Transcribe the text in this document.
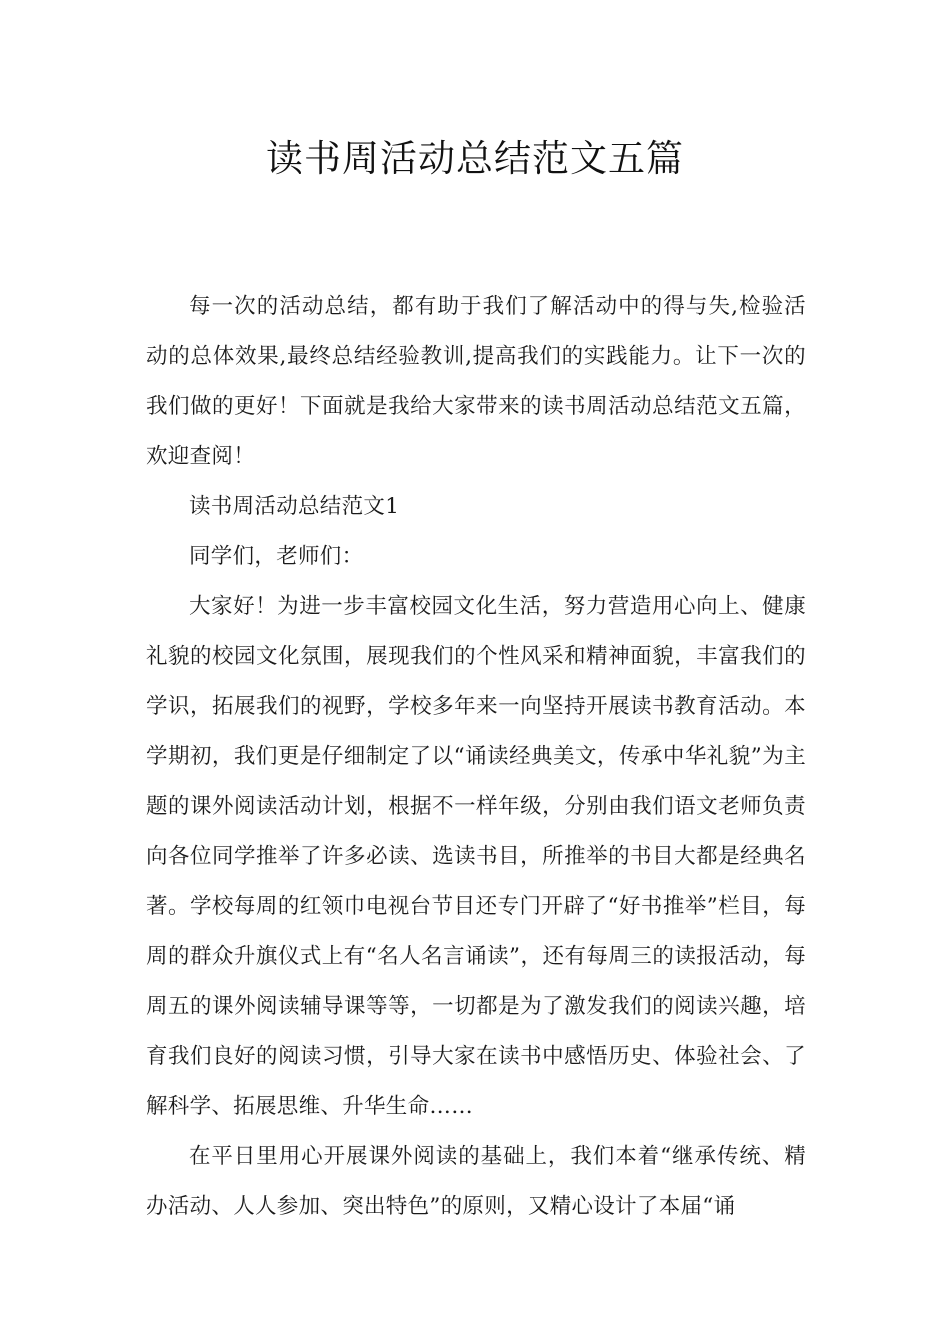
读书周活动总结范文五篇

每一次的活动总结，都有助于我们了解活动中的得与失,检验活动的总体效果,最终总结经验教训,提高我们的实践能力。让下一次的我们做的更好！下面就是我给大家带来的读书周活动总结范文五篇，欢迎查阅！

读书周活动总结范文1

同学们，老师们：

大家好！为进一步丰富校园文化生活，努力营造用心向上、健康礼貌的校园文化氛围，展现我们的个性风采和精神面貌，丰富我们的学识，拓展我们的视野，学校多年来一向坚持开展读书教育活动。本学期初，我们更是仔细制定了以“诵读经典美文，传承中华礼貌”为主题的课外阅读活动计划，根据不一样年级，分别由我们语文老师负责向各位同学推举了许多必读、选读书目，所推举的书目大都是经典名著。学校每周的红领巾电视台节目还专门开辟了“好书推举”栏目，每周的群众升旗仪式上有“名人名言诵读”，还有每周三的读报活动，每周五的课外阅读辅导课等等，一切都是为了激发我们的阅读兴趣，培育我们良好的阅读习惯，引导大家在读书中感悟历史、体验社会、了解科学、拓展思维、升华生命……

在平日里用心开展课外阅读的基础上，我们本着“继承传统、精办活动、人人参加、突出特色”的原则，又精心设计了本届“诵
